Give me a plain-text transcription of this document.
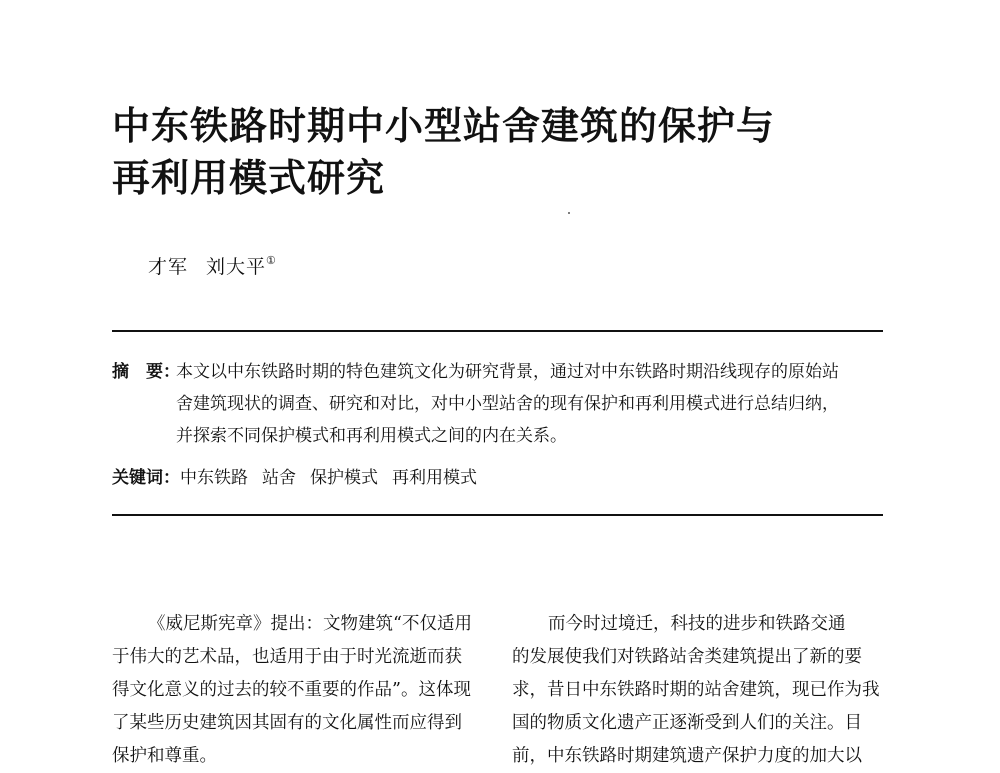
中东铁路时期中小型站舍建筑的保护与
再利用模式研究
才军 刘大平①
摘　要：
本文以中东铁路时期的特色建筑文化为研究背景，通过对中东铁路时期沿线现存的原始站
舍建筑现状的调查、研究和对比，对中小型站舍的现有保护和再利用模式进行总结归纳，
并探索不同保护模式和再利用模式之间的内在关系。
关键词：中东铁路 站舍 保护模式 再利用模式
《威尼斯宪章》提出：文物建筑“不仅适用
于伟大的艺术品，也适用于由于时光流逝而获
得文化意义的过去的较不重要的作品”。这体现
了某些历史建筑因其固有的文化属性而应得到
保护和尊重。
而今时过境迁，科技的进步和铁路交通
的发展使我们对铁路站舍类建筑提出了新的要
求，昔日中东铁路时期的站舍建筑，现已作为我
国的物质文化遗产正逐渐受到人们的关注。目
前，中东铁路时期建筑遗产保护力度的加大以
